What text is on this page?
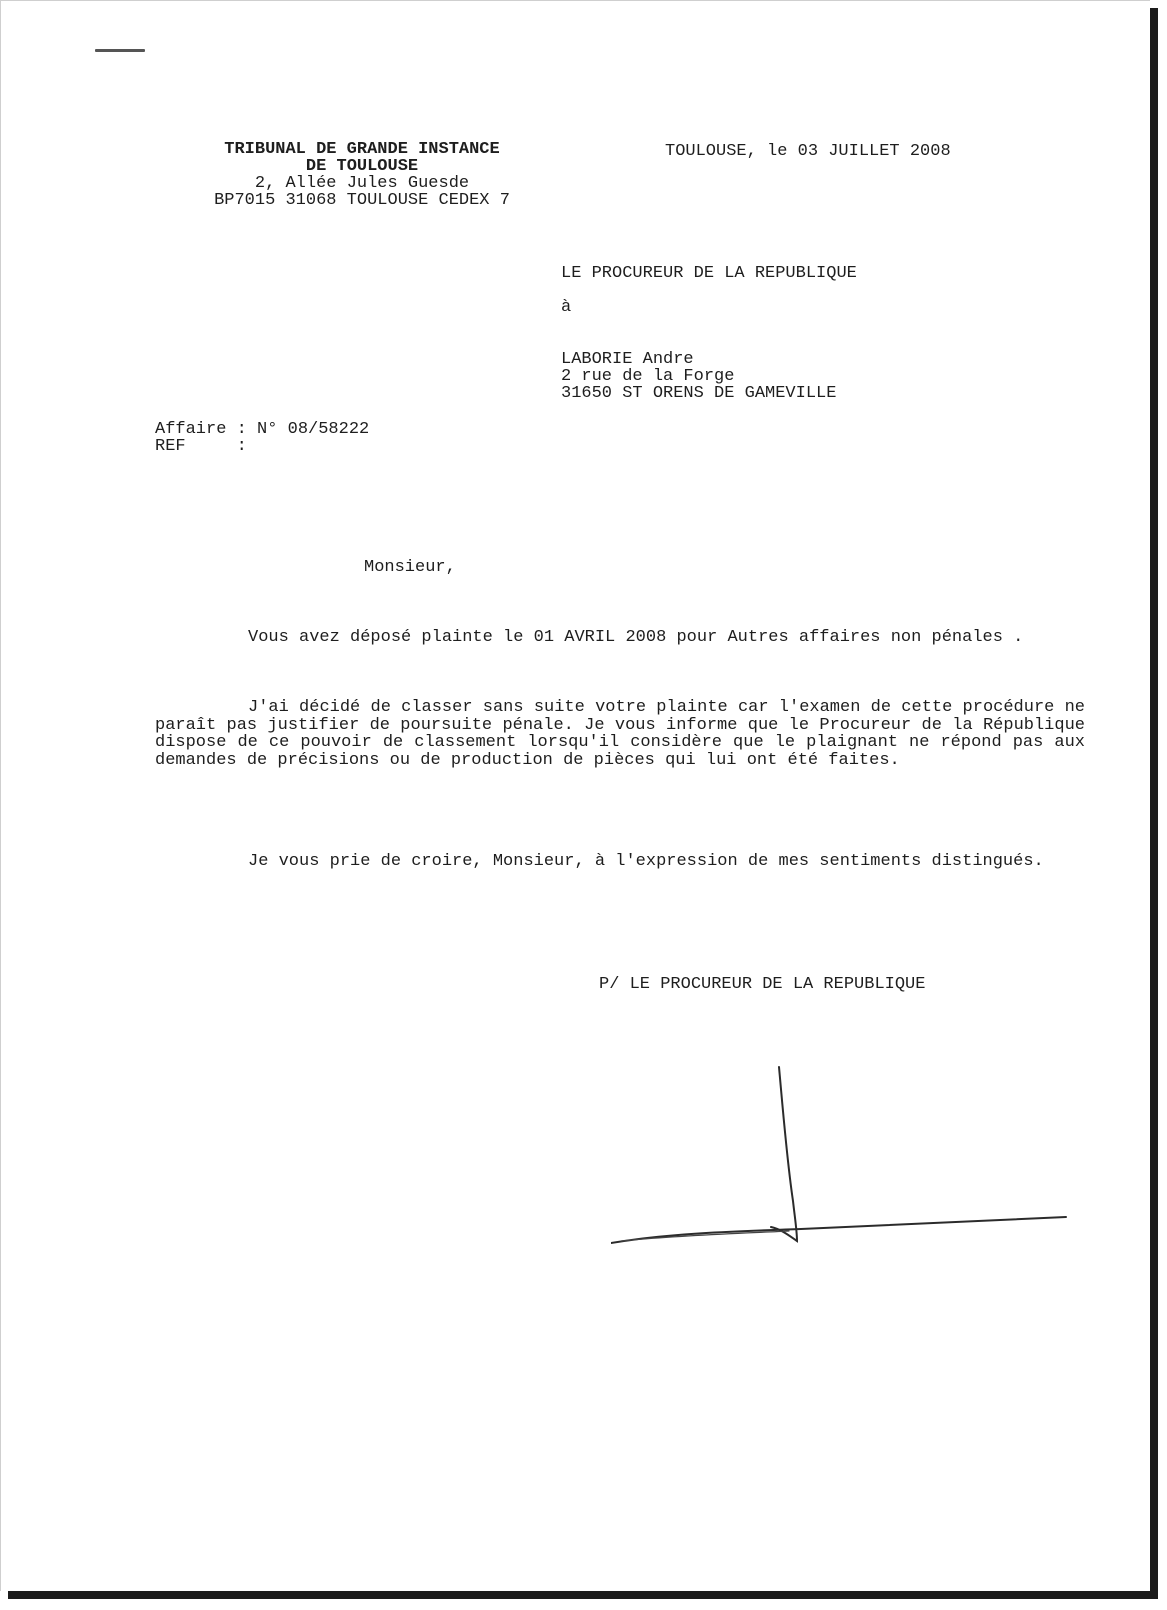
TRIBUNAL DE GRANDE INSTANCE
DE TOULOUSE
2, Allée Jules Guesde
BP7015 31068 TOULOUSE CEDEX 7
TOULOUSE, le 03 JUILLET 2008
LE PROCUREUR DE LA REPUBLIQUE
à
LABORIE Andre
2 rue de la Forge
31650 ST ORENS DE GAMEVILLE
Affaire : N° 08/58222
REF     :
Monsieur,
Vous avez déposé plainte le 01 AVRIL 2008 pour Autres affaires non pénales .
J'ai décidé de classer sans suite votre plainte car l'examen de cette procédure ne paraît pas justifier de poursuite pénale. Je vous informe que le Procureur de la République dispose de ce pouvoir de classement lorsqu'il considère que le plaignant ne répond pas aux demandes de précisions ou de production de pièces qui lui ont été faites.
Je vous prie de croire, Monsieur, à l'expression de mes sentiments distingués.
P/ LE PROCUREUR DE LA REPUBLIQUE
